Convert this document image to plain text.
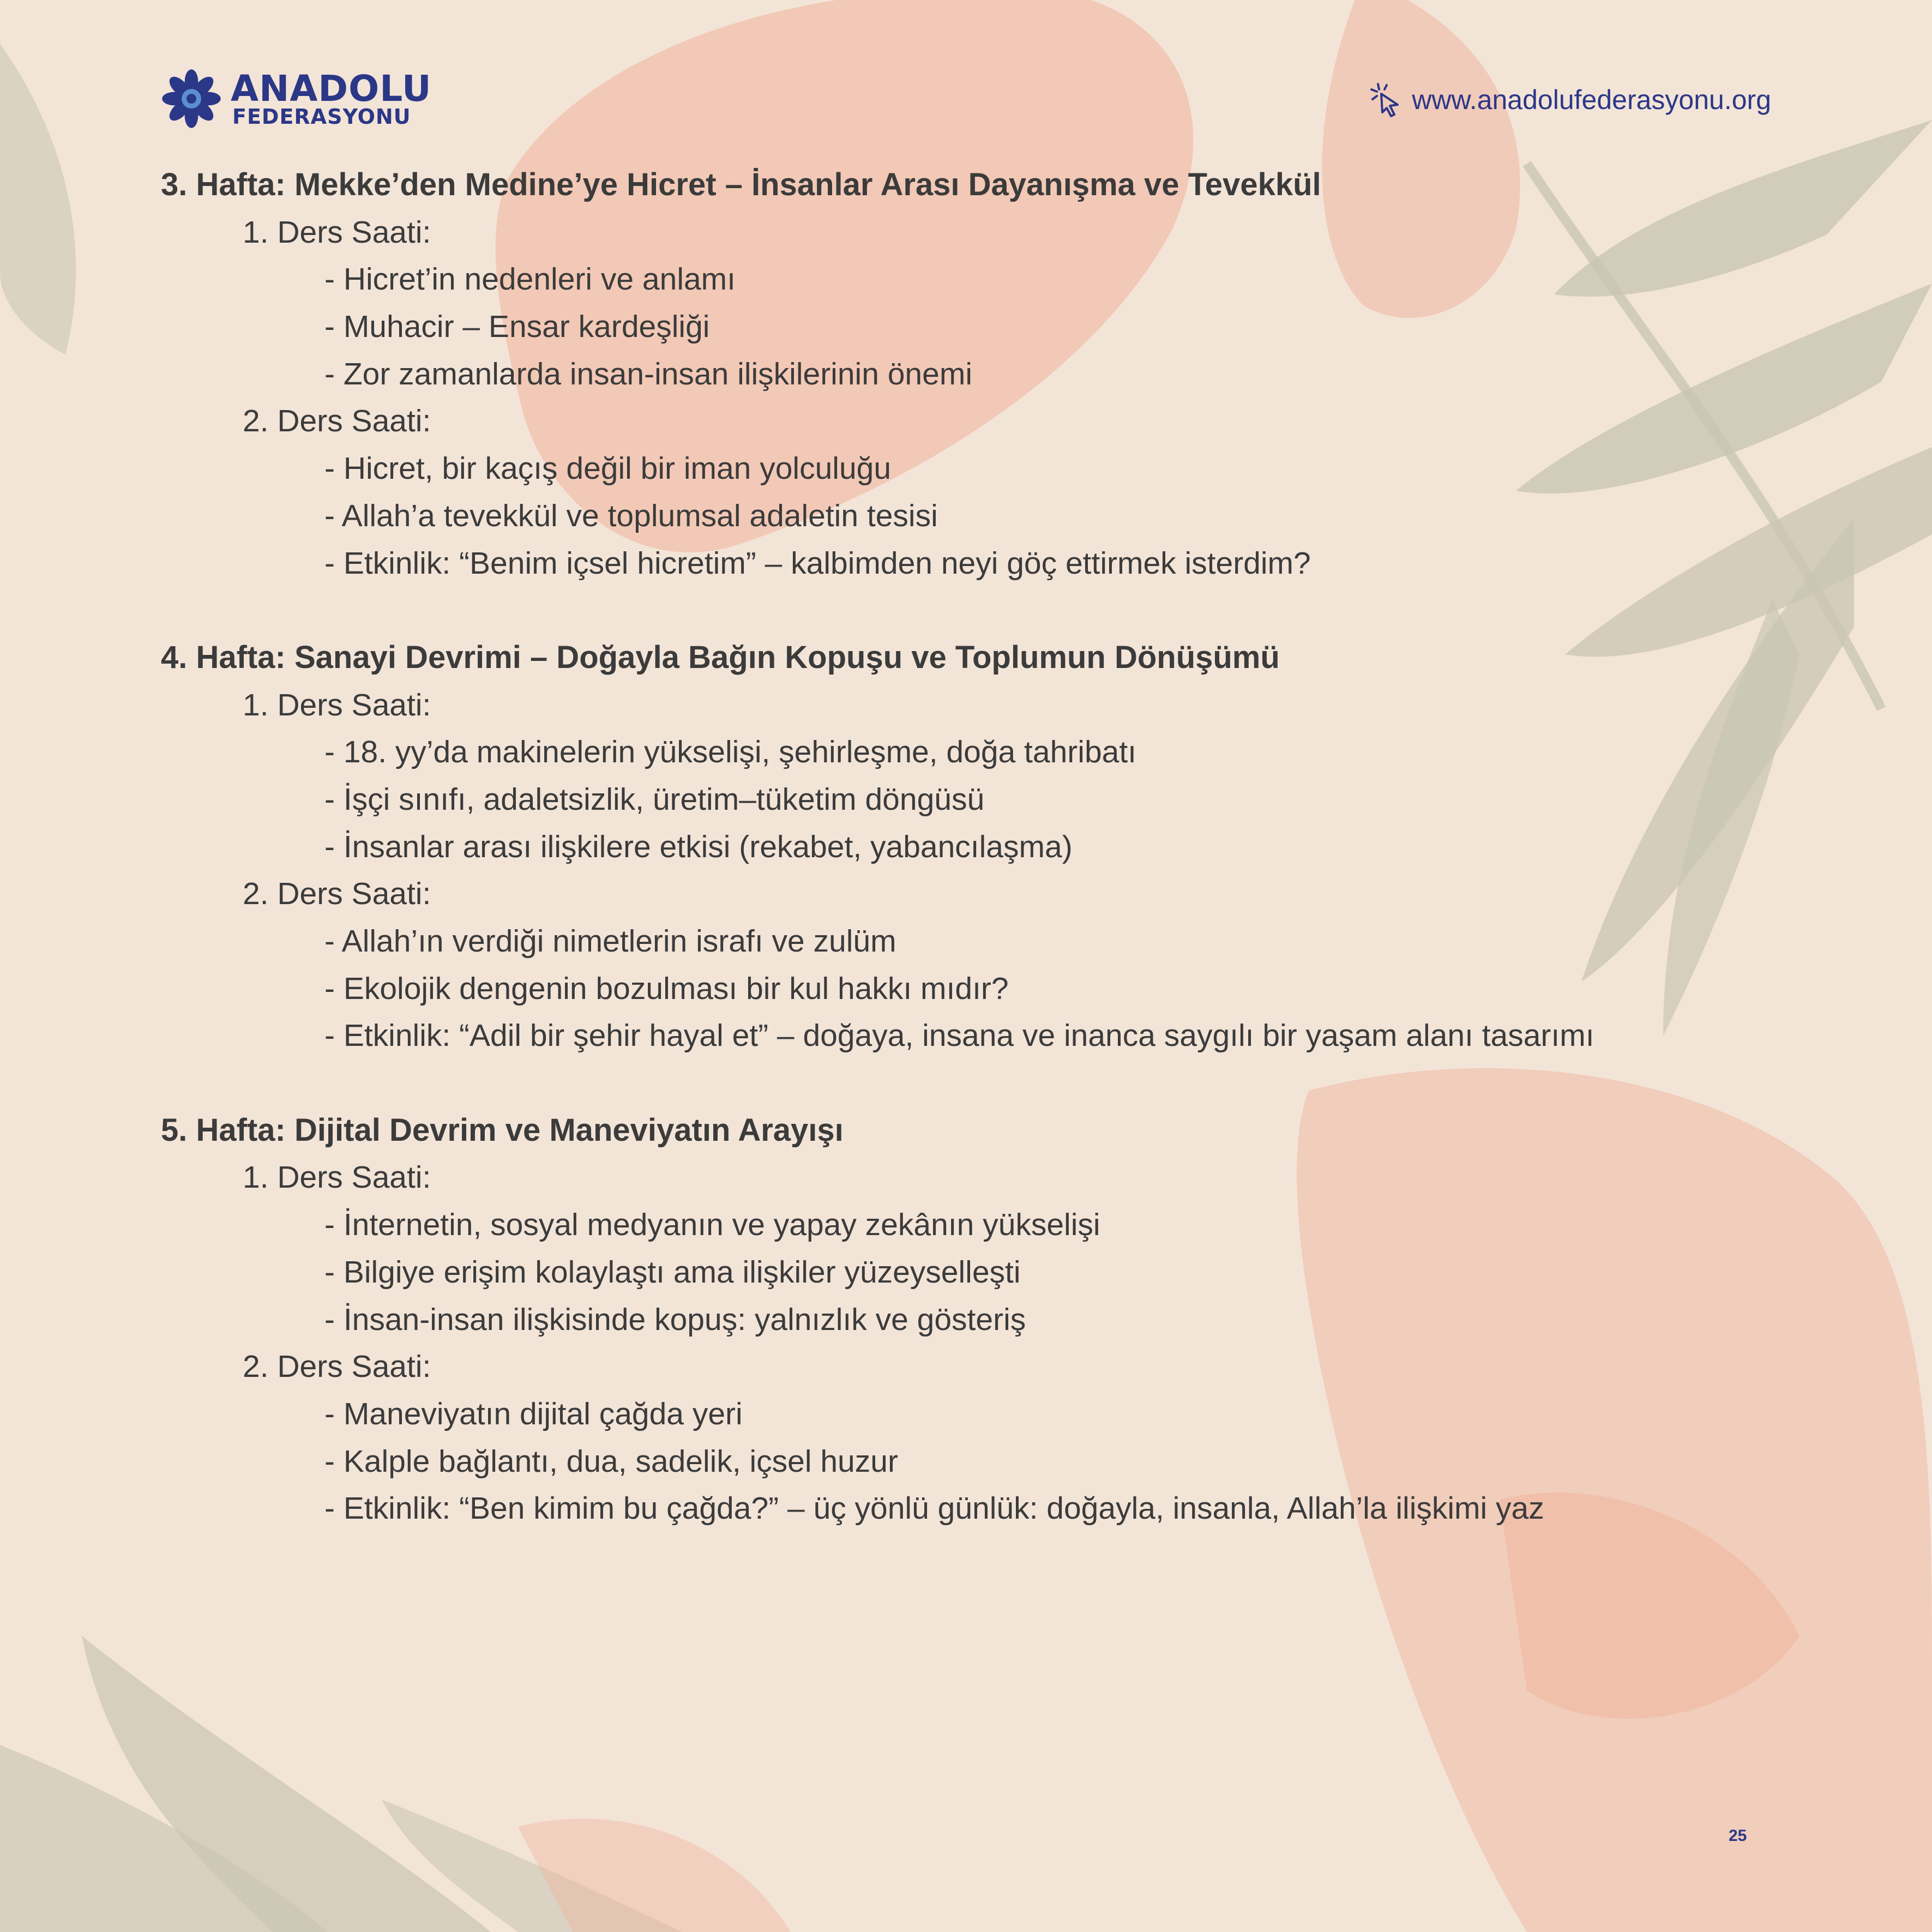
ANADOLU
FEDERASYONU
www.anadolufederasyonu.org
3. Hafta: Mekke’den Medine’ye Hicret – İnsanlar Arası Dayanışma ve Tevekkül
1. Ders Saati:
- Hicret’in nedenleri ve anlamı
- Muhacir – Ensar kardeşliği
- Zor zamanlarda insan-insan ilişkilerinin önemi
2. Ders Saati:
- Hicret, bir kaçış değil bir iman yolculuğu
- Allah’a tevekkül ve toplumsal adaletin tesisi
- Etkinlik: “Benim içsel hicretim” – kalbimden neyi göç ettirmek isterdim?
4. Hafta: Sanayi Devrimi – Doğayla Bağın Kopuşu ve Toplumun Dönüşümü
1. Ders Saati:
- 18. yy’da makinelerin yükselişi, şehirleşme, doğa tahribatı
- İşçi sınıfı, adaletsizlik, üretim–tüketim döngüsü
- İnsanlar arası ilişkilere etkisi (rekabet, yabancılaşma)
2. Ders Saati:
- Allah’ın verdiği nimetlerin israfı ve zulüm
- Ekolojik dengenin bozulması bir kul hakkı mıdır?
- Etkinlik: “Adil bir şehir hayal et” – doğaya, insana ve inanca saygılı bir yaşam alanı tasarımı
5. Hafta: Dijital Devrim ve Maneviyatın Arayışı
1. Ders Saati:
- İnternetin, sosyal medyanın ve yapay zekânın yükselişi
- Bilgiye erişim kolaylaştı ama ilişkiler yüzeyselleşti
- İnsan-insan ilişkisinde kopuş: yalnızlık ve gösteriş
2. Ders Saati:
- Maneviyatın dijital çağda yeri
- Kalple bağlantı, dua, sadelik, içsel huzur
- Etkinlik: “Ben kimim bu çağda?” – üç yönlü günlük: doğayla, insanla, Allah’la ilişkimi yaz
25
